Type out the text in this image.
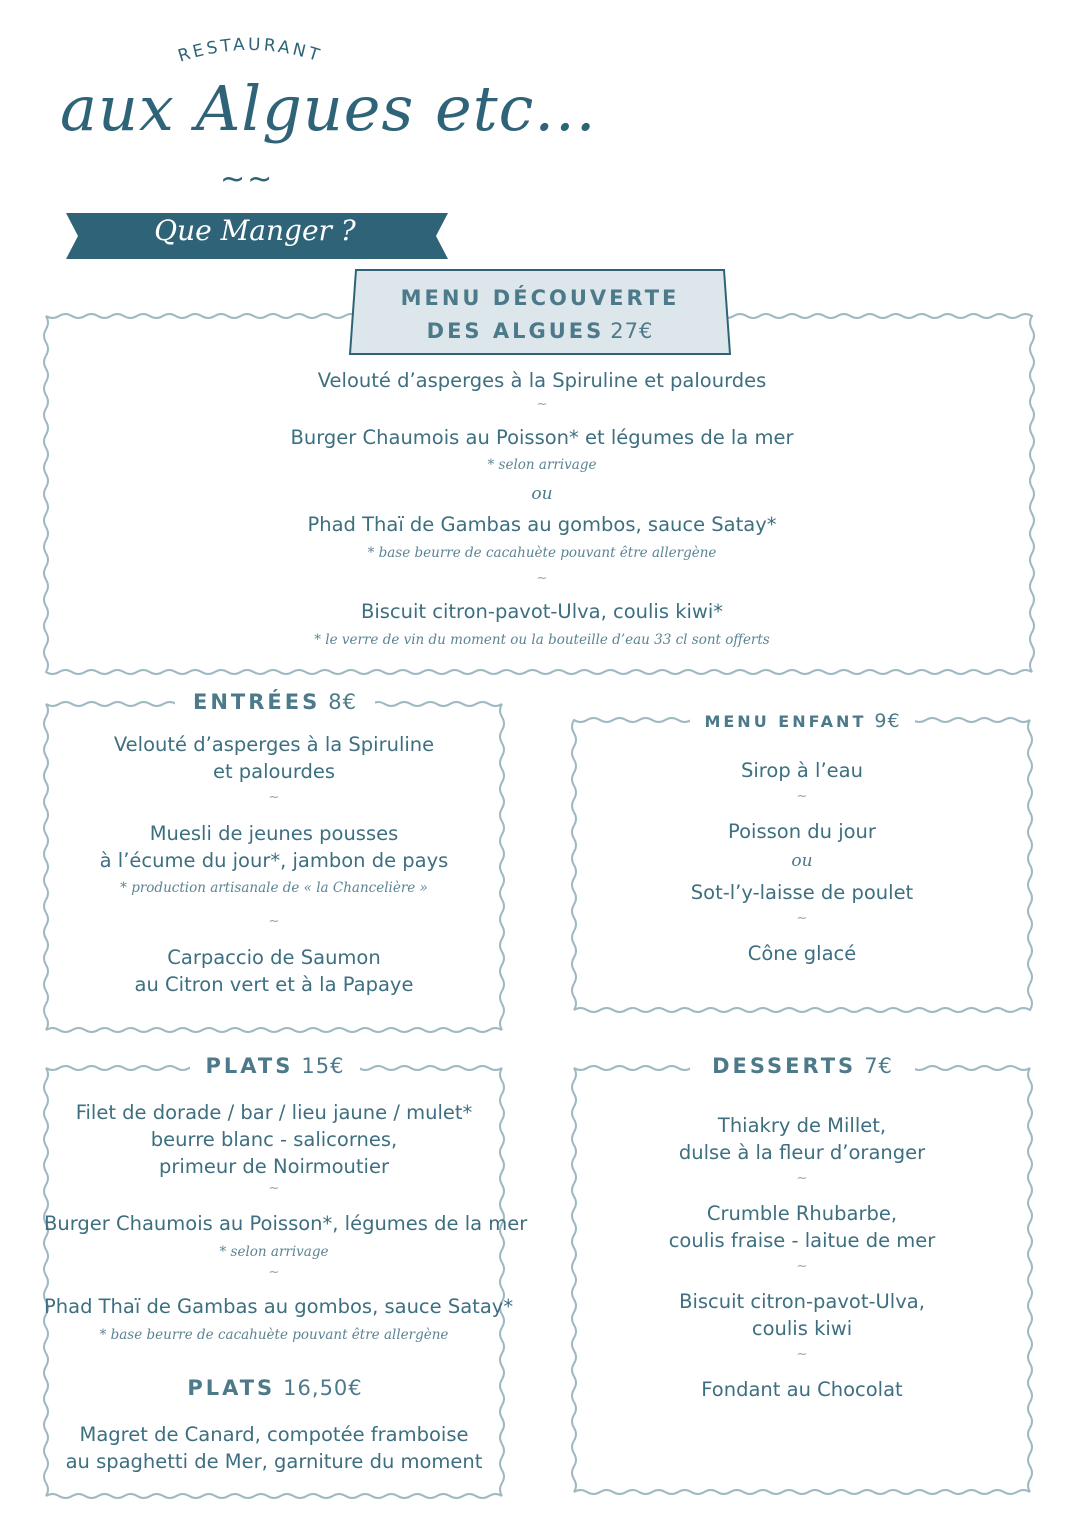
RESTAURANT
aux Algues etc...
~~
Que Manger ?
MENU DÉCOUVERTE
DES ALGUES 27€
Velouté d’asperges à la Spiruline et palourdes
~
Burger Chaumois au Poisson* et légumes de la mer
* selon arrivage
ou
Phad Thaï de Gambas au gombos, sauce Satay*
* base beurre de cacahuète pouvant être allergène
~
Biscuit citron-pavot-Ulva, coulis kiwi*
* le verre de vin du moment ou la bouteille d’eau 33 cl sont offerts
ENTRÉES 8€
Velouté d’asperges à la Spiruline
et palourdes
~
Muesli de jeunes pousses
à l’écume du jour*, jambon de pays
* production artisanale de « la Chancelière »
~
Carpaccio de Saumon
au Citron vert et à la Papaye
MENU ENFANT 9€
Sirop à l’eau
~
Poisson du jour
ou
Sot-l’y-laisse de poulet
~
Cône glacé
PLATS 15€
Filet de dorade / bar / lieu jaune / mulet*
beurre blanc - salicornes,
primeur de Noirmoutier
~
Burger Chaumois au Poisson*, légumes de la mer
* selon arrivage
~
Phad Thaï de Gambas au gombos, sauce Satay*
* base beurre de cacahuète pouvant être allergène
PLATS 16,50€
Magret de Canard, compotée framboise
au spaghetti de Mer, garniture du moment
DESSERTS 7€
Thiakry de Millet,
dulse à la fleur d’oranger
~
Crumble Rhubarbe,
coulis fraise - laitue de mer
~
Biscuit citron-pavot-Ulva,
coulis kiwi
~
Fondant au Chocolat
